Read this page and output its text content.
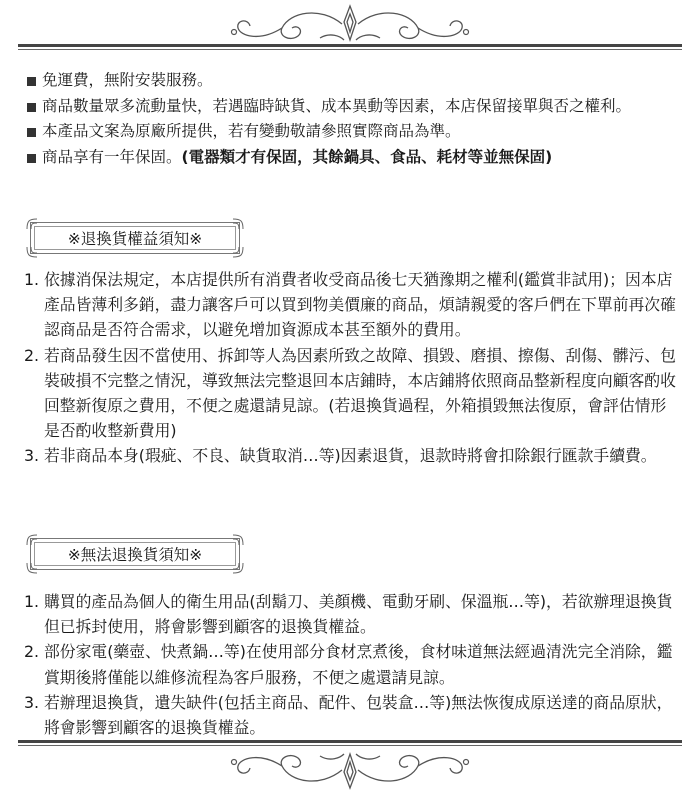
免運費，無附安裝服務。
商品數量眾多流動量快，若遇臨時缺貨、成本異動等因素，本店保留接單與否之權利。
本產品文案為原廠所提供，若有變動敬請參照實際商品為準。
商品享有一年保固。(電器類才有保固，其餘鍋具、食品、耗材等並無保固)
※退換貨權益須知※
1. 依據消保法規定，本店提供所有消費者收受商品後七天猶豫期之權利(鑑賞非試用)；因本店產品皆薄利多銷，盡力讓客戶可以買到物美價廉的商品，煩請親愛的客戶們在下單前再次確認商品是否符合需求，以避免增加資源成本甚至額外的費用。
2. 若商品發生因不當使用、拆卸等人為因素所致之故障、損毀、磨損、擦傷、刮傷、髒污、包裝破損不完整之情況，導致無法完整退回本店鋪時，本店鋪將依照商品整新程度向顧客酌收回整新復原之費用，不便之處還請見諒。(若退換貨過程，外箱損毀無法復原，會評估情形是否酌收整新費用)
3. 若非商品本身(瑕疵、不良、缺貨取消…等)因素退貨，退款時將會扣除銀行匯款手續費。
※無法退換貨須知※
1. 購買的產品為個人的衛生用品(刮鬍刀、美顏機、電動牙刷、保溫瓶…等)，若欲辦理退換貨但已拆封使用，將會影響到顧客的退換貨權益。
2. 部份家電(藥壺、快煮鍋…等)在使用部分食材烹煮後，食材味道無法經過清洗完全消除，鑑賞期後將僅能以維修流程為客戶服務，不便之處還請見諒。
3. 若辦理退換貨，遺失缺件(包括主商品、配件、包裝盒…等)無法恢復成原送達的商品原狀，將會影響到顧客的退換貨權益。
